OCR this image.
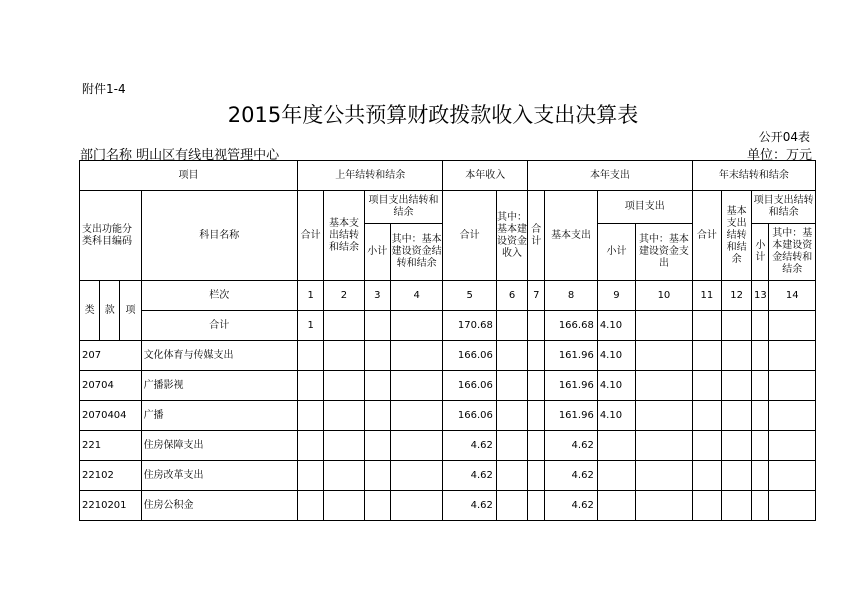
附件1-4
2015年度公共预算财政拨款收入支出决算表
公开04表
部门名称 明山区有线电视管理中心	单位：万元
项目				上年结转和结余				本年收入		本年支出				年末结转和结余			
支出功能分类科目编码			科目名称	合计	基本支出结转和结余	项目支出结转和结余		合计	其中：基本建设资金收入	合计	基本支出	项目支出		合计	基本支出结转和结余	项目支出结转和结余	
						小计	其中：基本建设资金结转和结余					小计	其中：基本建设资金支出			小计	其中：基本建设资金结转和结余
类	款	项	栏次	1	2	3	4	5	6	7	8	9	10	11	12	13	14
			合计	1				170.68			166.68	4.10					
207			文化体育与传媒支出					166.06			161.96	4.10					
20704			广播影视					166.06			161.96	4.10					
2070404			广播					166.06			161.96	4.10					
221			住房保障支出					4.62			4.62						
22102			住房改革支出					4.62			4.62						
2210201			住房公积金					4.62			4.62						
